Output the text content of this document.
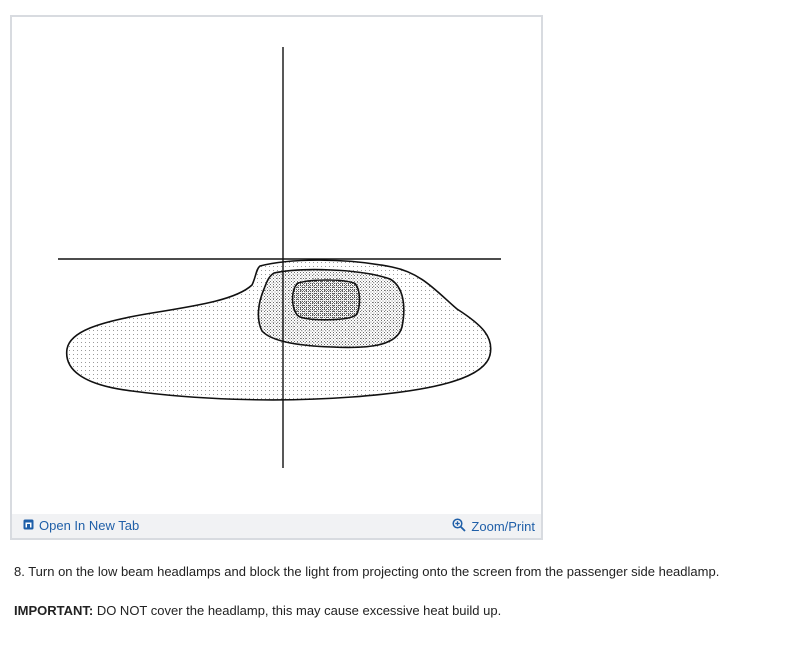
Open In New Tab	Zoom/Print
8. Turn on the low beam headlamps and block the light from projecting onto the screen from the passenger side headlamp.
IMPORTANT: DO NOT cover the headlamp, this may cause excessive heat build up.
